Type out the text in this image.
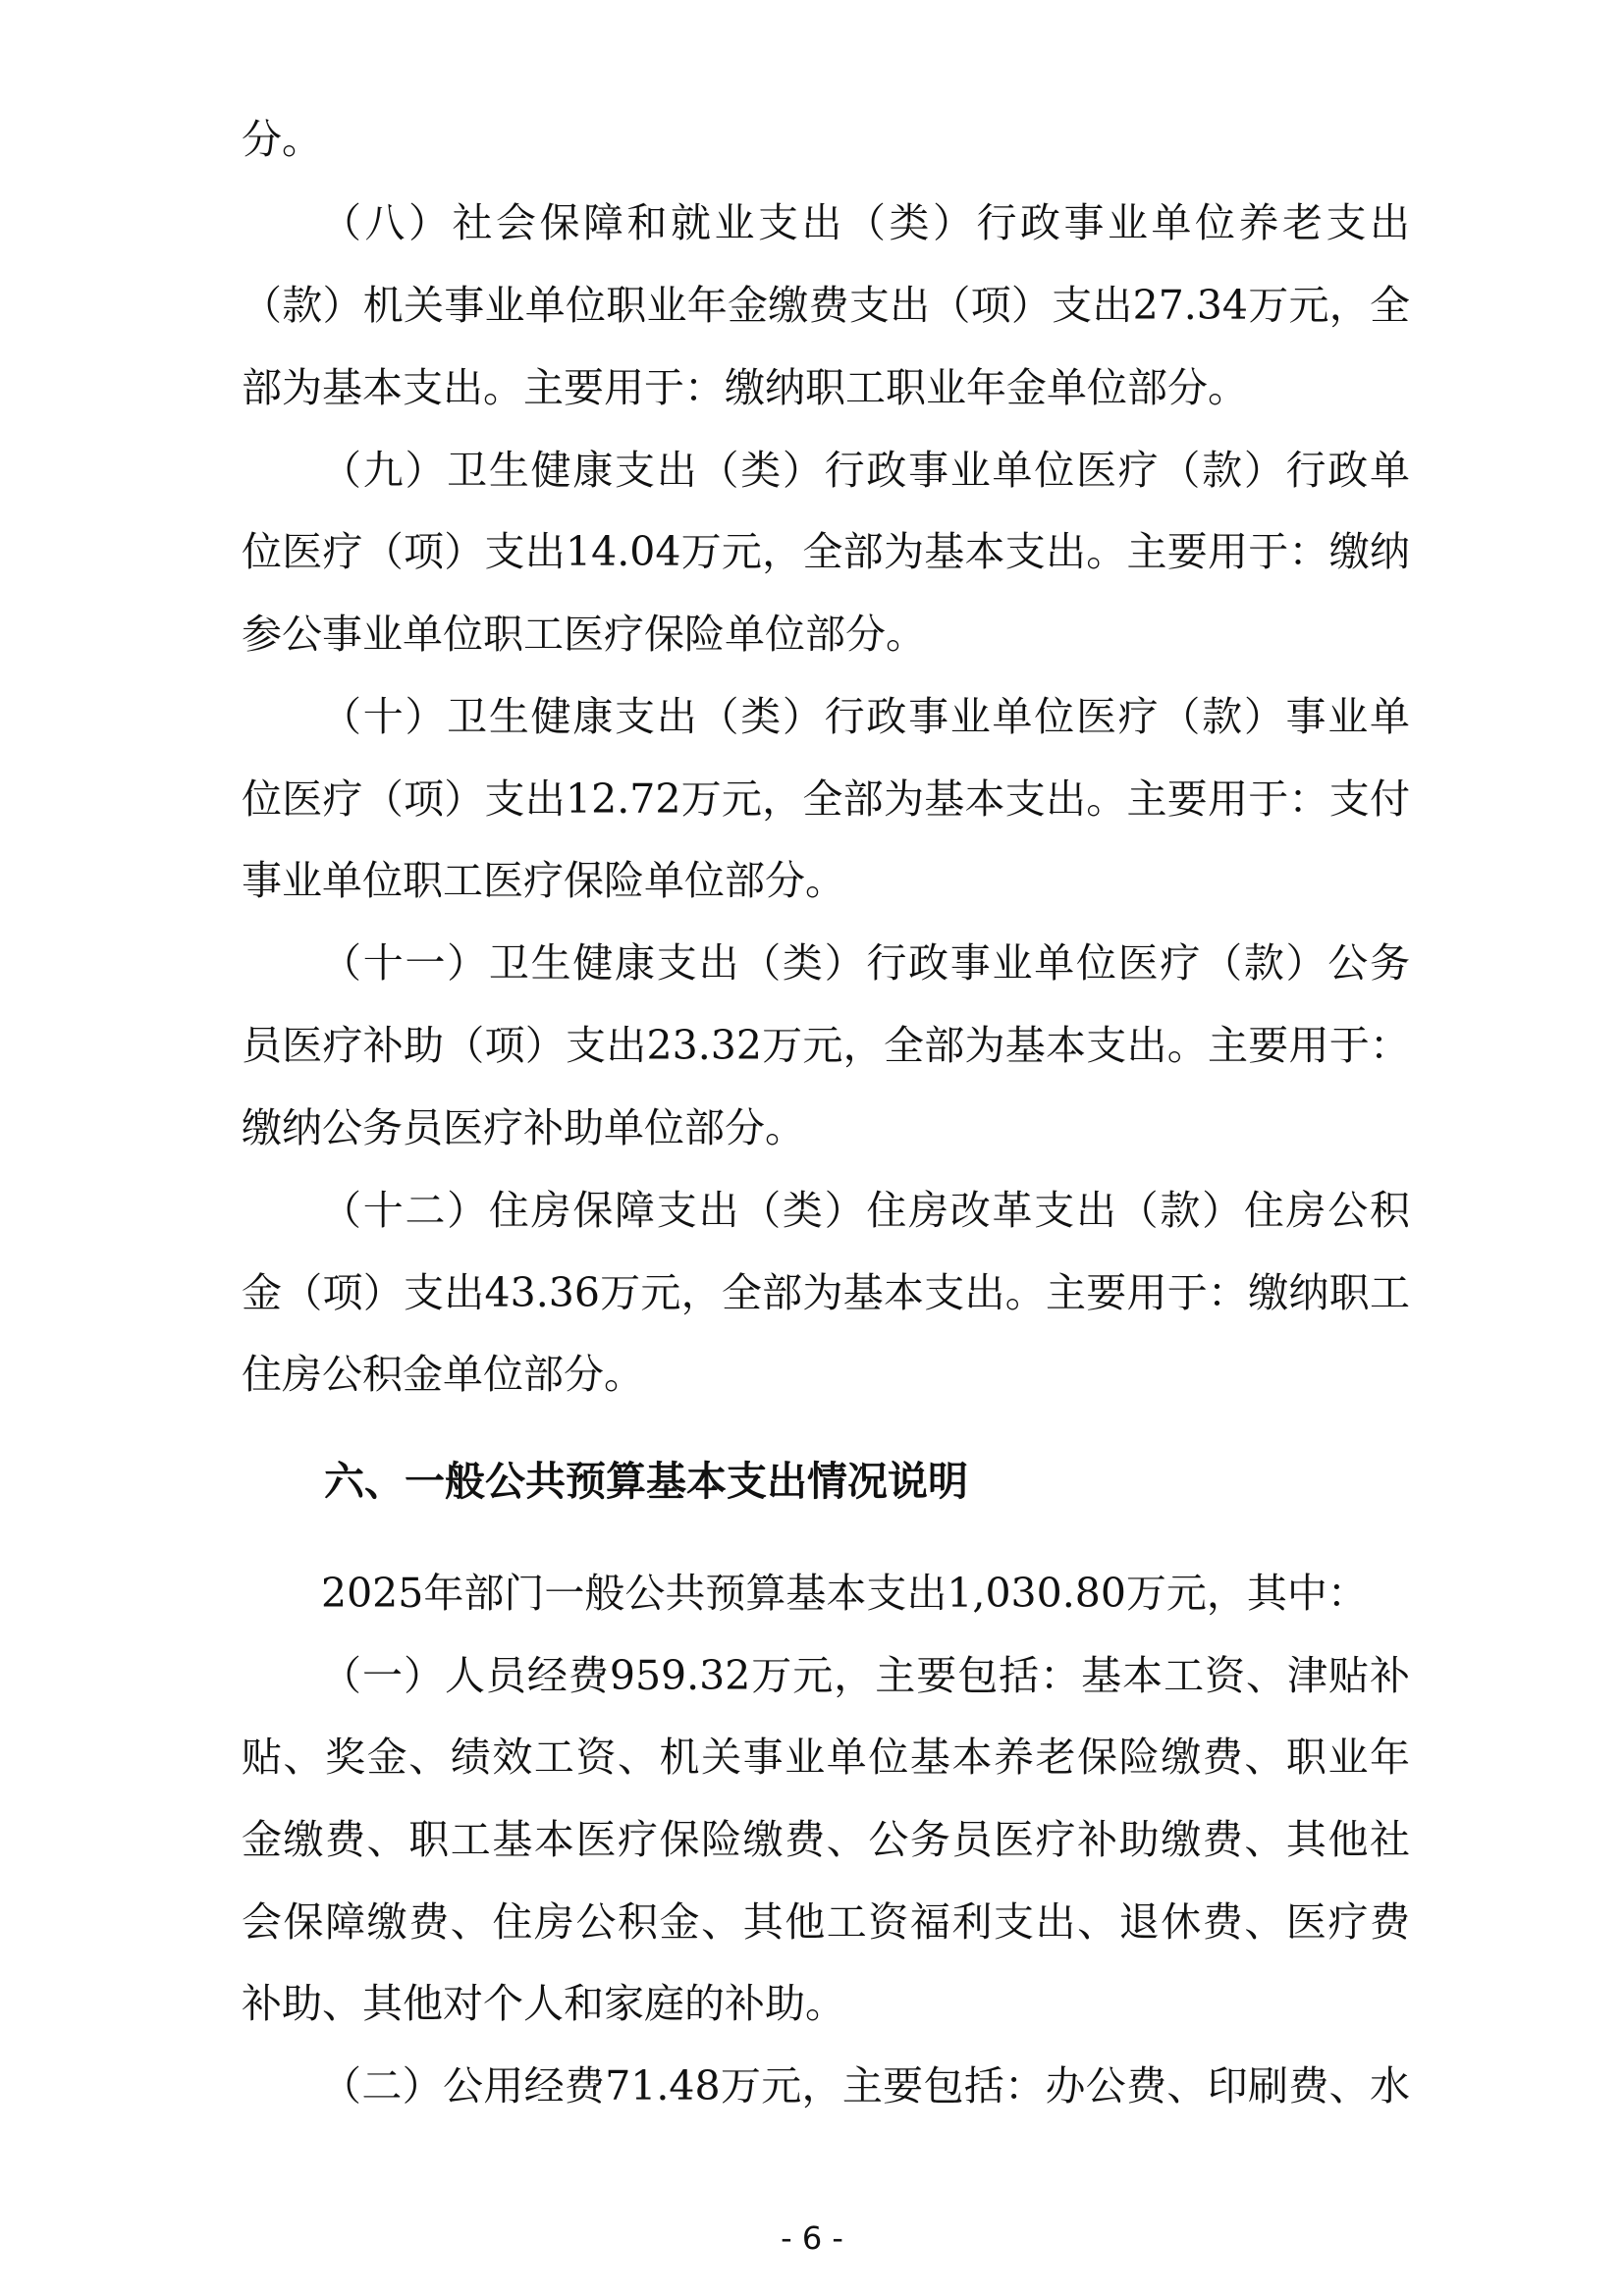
分。

（八）社会保障和就业支出（类）行政事业单位养老支出

（款）机关事业单位职业年金缴费支出（项）支出27.34万元，全

部为基本支出。主要用于：缴纳职工职业年金单位部分。

（九）卫生健康支出（类）行政事业单位医疗（款）行政单

位医疗（项）支出14.04万元，全部为基本支出。主要用于：缴纳

参公事业单位职工医疗保险单位部分。

（十）卫生健康支出（类）行政事业单位医疗（款）事业单

位医疗（项）支出12.72万元，全部为基本支出。主要用于：支付

事业单位职工医疗保险单位部分。

（十一）卫生健康支出（类）行政事业单位医疗（款）公务

员医疗补助（项）支出23.32万元，全部为基本支出。主要用于：

缴纳公务员医疗补助单位部分。

（十二）住房保障支出（类）住房改革支出（款）住房公积

金（项）支出43.36万元，全部为基本支出。主要用于：缴纳职工

住房公积金单位部分。

六、一般公共预算基本支出情况说明

2025年部门一般公共预算基本支出1,030.80万元，其中：

（一）人员经费959.32万元，主要包括：基本工资、津贴补

贴、奖金、绩效工资、机关事业单位基本养老保险缴费、职业年

金缴费、职工基本医疗保险缴费、公务员医疗补助缴费、其他社

会保障缴费、住房公积金、其他工资福利支出、退休费、医疗费

补助、其他对个人和家庭的补助。

（二）公用经费71.48万元，主要包括：办公费、印刷费、水

- 6 -
